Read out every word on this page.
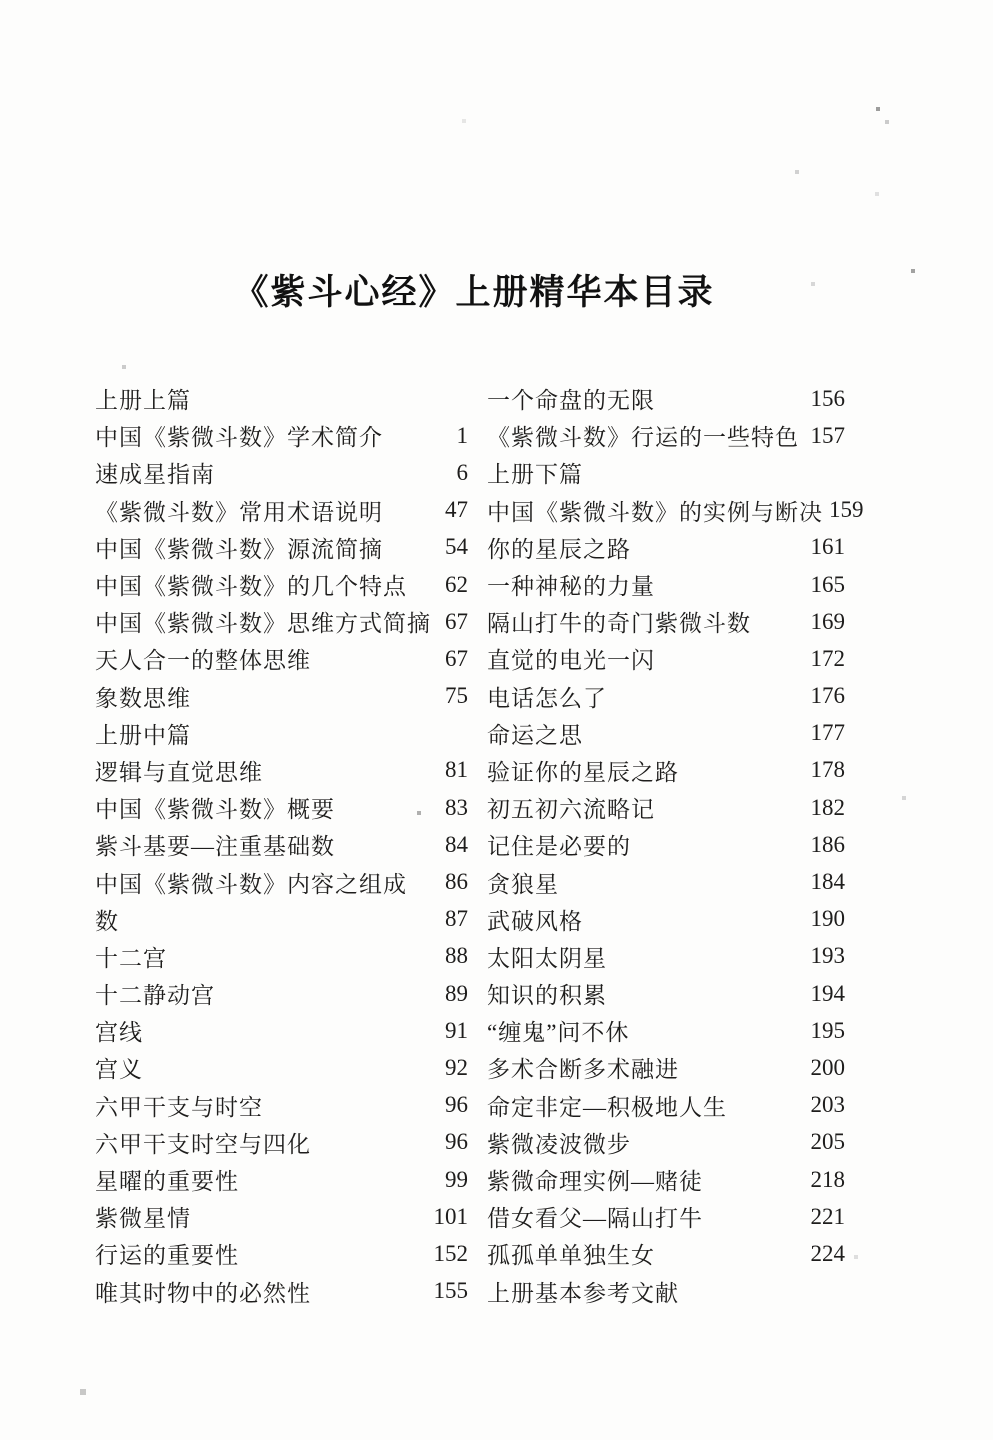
《紫斗心经》上册精华本目录
上册上篇
中国《紫微斗数》学术简介	1
速成星指南	6
《紫微斗数》常用术语说明	47
中国《紫微斗数》源流简摘	54
中国《紫微斗数》的几个特点 62
中国《紫微斗数》思维方式简摘 67
天人合一的整体思维	67
象数思维	75
上册中篇
逻辑与直觉思维	81
中国《紫微斗数》概要	83
紫斗基要—注重基础数	84
中国《紫微斗数》内容之组成 86
数	87
十二宫	88
十二静动宫	89
宫线	91
宫义	92
六甲干支与时空	96
六甲干支时空与四化	96
星曜的重要性	99
紫微星情	101
行运的重要性	152
唯其时物中的必然性	155
一个命盘的无限	156
《紫微斗数》行运的一些特色 157
上册下篇
中国《紫微斗数》的实例与断决 159
你的星辰之路	161
一种神秘的力量	165
隔山打牛的奇门紫微斗数	169
直觉的电光一闪	172
电话怎么了	176
命运之思	177
验证你的星辰之路	178
初五初六流略记	182
记住是必要的	186
贪狼星	184
武破风格	190
太阳太阴星	193
知识的积累	194
“缠鬼”问不休	195
多术合断多术融进	200
命定非定—积极地人生	203
紫微凌波微步	205
紫微命理实例—赌徒	218
借女看父—隔山打牛	221
孤孤单单独生女	224
上册基本参考文献
